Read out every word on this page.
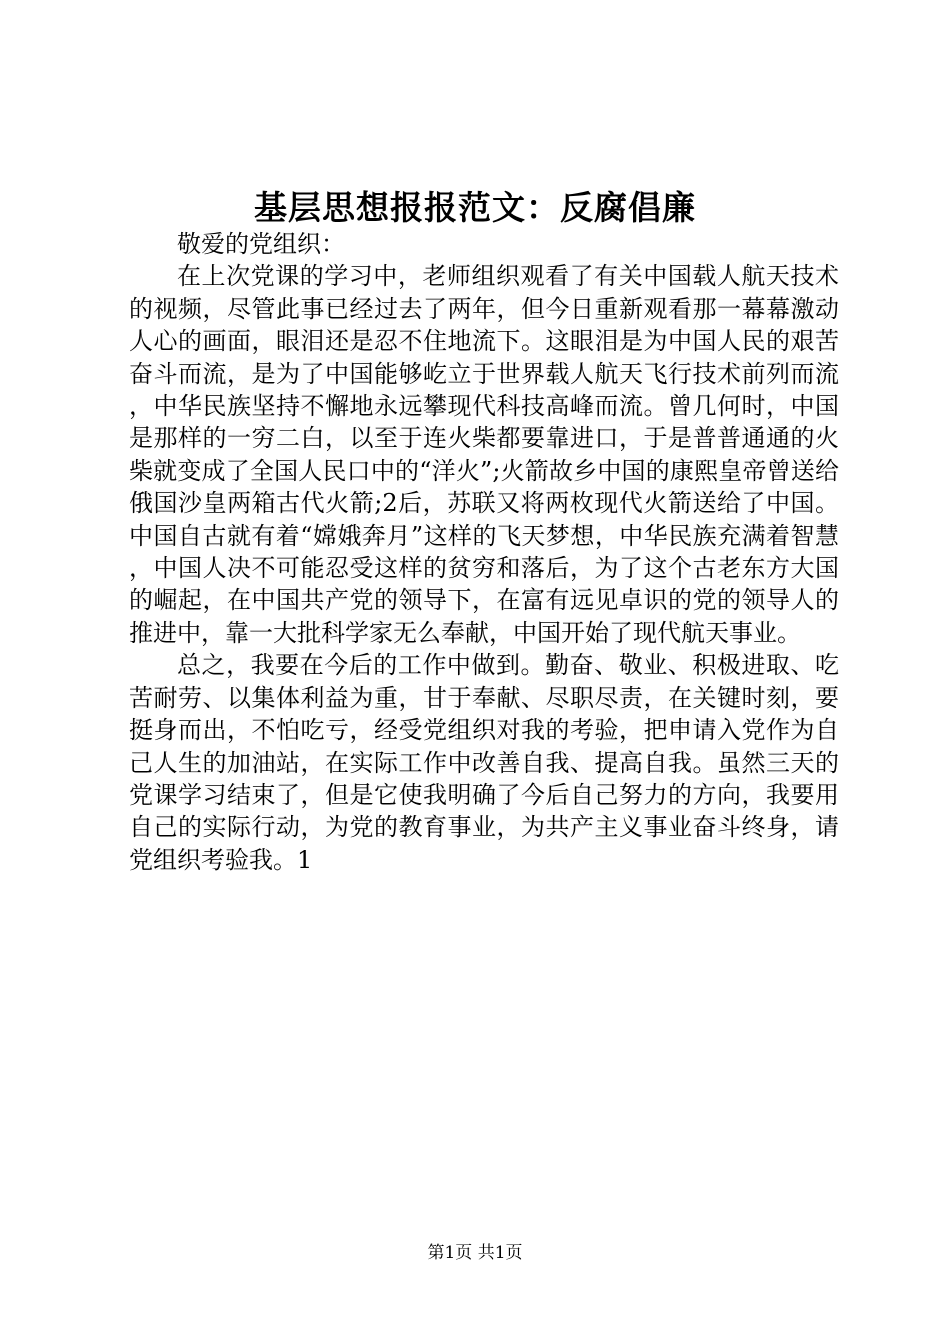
基层思想报报范文：反腐倡廉

敬爱的党组织：

在上次党课的学习中，老师组织观看了有关中国载人航天技术的视频，尽管此事已经过去了两年，但今日重新观看那一幕幕激动人心的画面，眼泪还是忍不住地流下。这眼泪是为中国人民的艰苦奋斗而流，是为了中国能够屹立于世界载人航天飞行技术前列而流，中华民族坚持不懈地永远攀现代科技高峰而流。曾几何时，中国是那样的一穷二白，以至于连火柴都要靠进口，于是普普通通的火柴就变成了全国人民口中的“洋火”;火箭故乡中国的康熙皇帝曾送给俄国沙皇两箱古代火箭;2后，苏联又将两枚现代火箭送给了中国。中国自古就有着“嫦娥奔月”这样的飞天梦想，中华民族充满着智慧，中国人决不可能忍受这样的贫穷和落后，为了这个古老东方大国的崛起，在中国共产党的领导下，在富有远见卓识的党的领导人的推进中，靠一大批科学家无么奉献，中国开始了现代航天事业。

总之，我要在今后的工作中做到。勤奋、敬业、积极进取、吃苦耐劳、以集体利益为重，甘于奉献、尽职尽责，在关键时刻，要挺身而出，不怕吃亏，经受党组织对我的考验，把申请入党作为自己人生的加油站，在实际工作中改善自我、提高自我。虽然三天的党课学习结束了，但是它使我明确了今后自己努力的方向，我要用自己的实际行动，为党的教育事业，为共产主义事业奋斗终身，请党组织考验我。1

第1页 共1页
